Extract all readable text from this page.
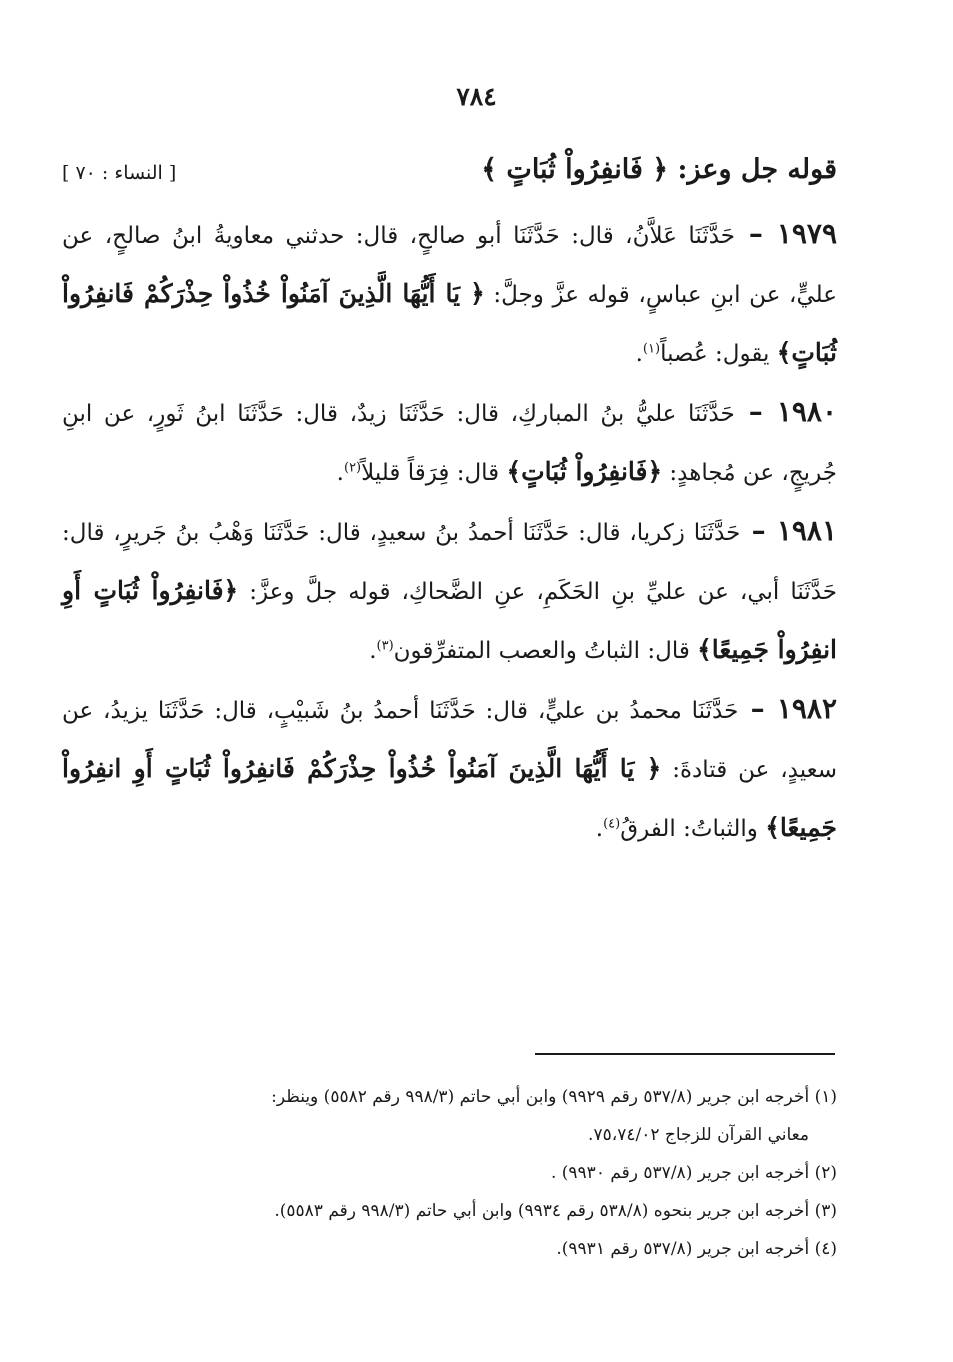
٧٨٤
قوله جل وعز: ﴿ فَانفِرُواْ ثُبَاتٍ ﴾
[ النساء : ٧٠ ]

١٩٧٩ – حَدَّثَنَا عَلاَّنُ، قال: حَدَّثَنَا أبو صالحٍ، قال: حدثني معاويةُ ابنُ صالحٍ، عن عليٍّ، عن ابنِ عباسٍ، قوله عزَّ وجلَّ: ﴿ يَا أَيُّهَا الَّذِينَ آمَنُواْ خُذُواْ حِذْرَكُمْ فَانفِرُواْ ثُبَاتٍ﴾ يقول: عُصباً$^{(١)}$.

١٩٨٠ – حَدَّثَنَا عليُّ بنُ المباركِ، قال: حَدَّثَنَا زيدٌ، قال: حَدَّثَنَا ابنُ ثَورٍ، عن ابنِ جُريجٍ، عن مُجاهدٍ: ﴿فَانفِرُواْ ثُبَاتٍ﴾ قال: فِرَقاً قليلاً$^{(٢)}$.

١٩٨١ – حَدَّثَنَا زكريا، قال: حَدَّثَنَا أحمدُ بنُ سعيدٍ، قال: حَدَّثَنَا وَهْبُ بنُ جَريرٍ، قال: حَدَّثَنَا أبي، عن عليِّ بنِ الحَكَمِ، عنِ الضَّحاكِ، قوله جلَّ وعزَّ: ﴿فَانفِرُواْ ثُبَاتٍ أَوِ انفِرُواْ جَمِيعًا﴾ قال: الثباتُ والعصب المتفرِّقون$^{(٣)}$.

١٩٨٢ – حَدَّثَنَا محمدُ بن عليٍّ، قال: حَدَّثَنَا أحمدُ بنُ شَبيْبٍ، قال: حَدَّثَنَا يزيدُ، عن سعيدٍ، عن قتادةَ: ﴿ يَا أَيُّهَا الَّذِينَ آمَنُواْ خُذُواْ حِذْرَكُمْ فَانفِرُواْ ثُبَاتٍ أَوِ انفِرُواْ جَمِيعًا﴾ والثباتُ: الفرقُ$^{(٤)}$.

(١) أخرجه ابن جرير (٥٣٧/٨ رقم ٩٩٢٩) وابن أبي حاتم (٩٩٨/٣ رقم ٥٥٨٢) وينظر:
معاني القرآن للزجاج ٧٥،٧٤/٠٢.

(٢) أخرجه ابن جرير (٥٣٧/٨ رقم ٩٩٣٠) .

(٣) أخرجه ابن جرير بنحوه (٥٣٨/٨ رقم ٩٩٣٤) وابن أبي حاتم (٩٩٨/٣ رقم ٥٥٨٣).

(٤) أخرجه ابن جرير (٥٣٧/٨ رقم ٩٩٣١).
